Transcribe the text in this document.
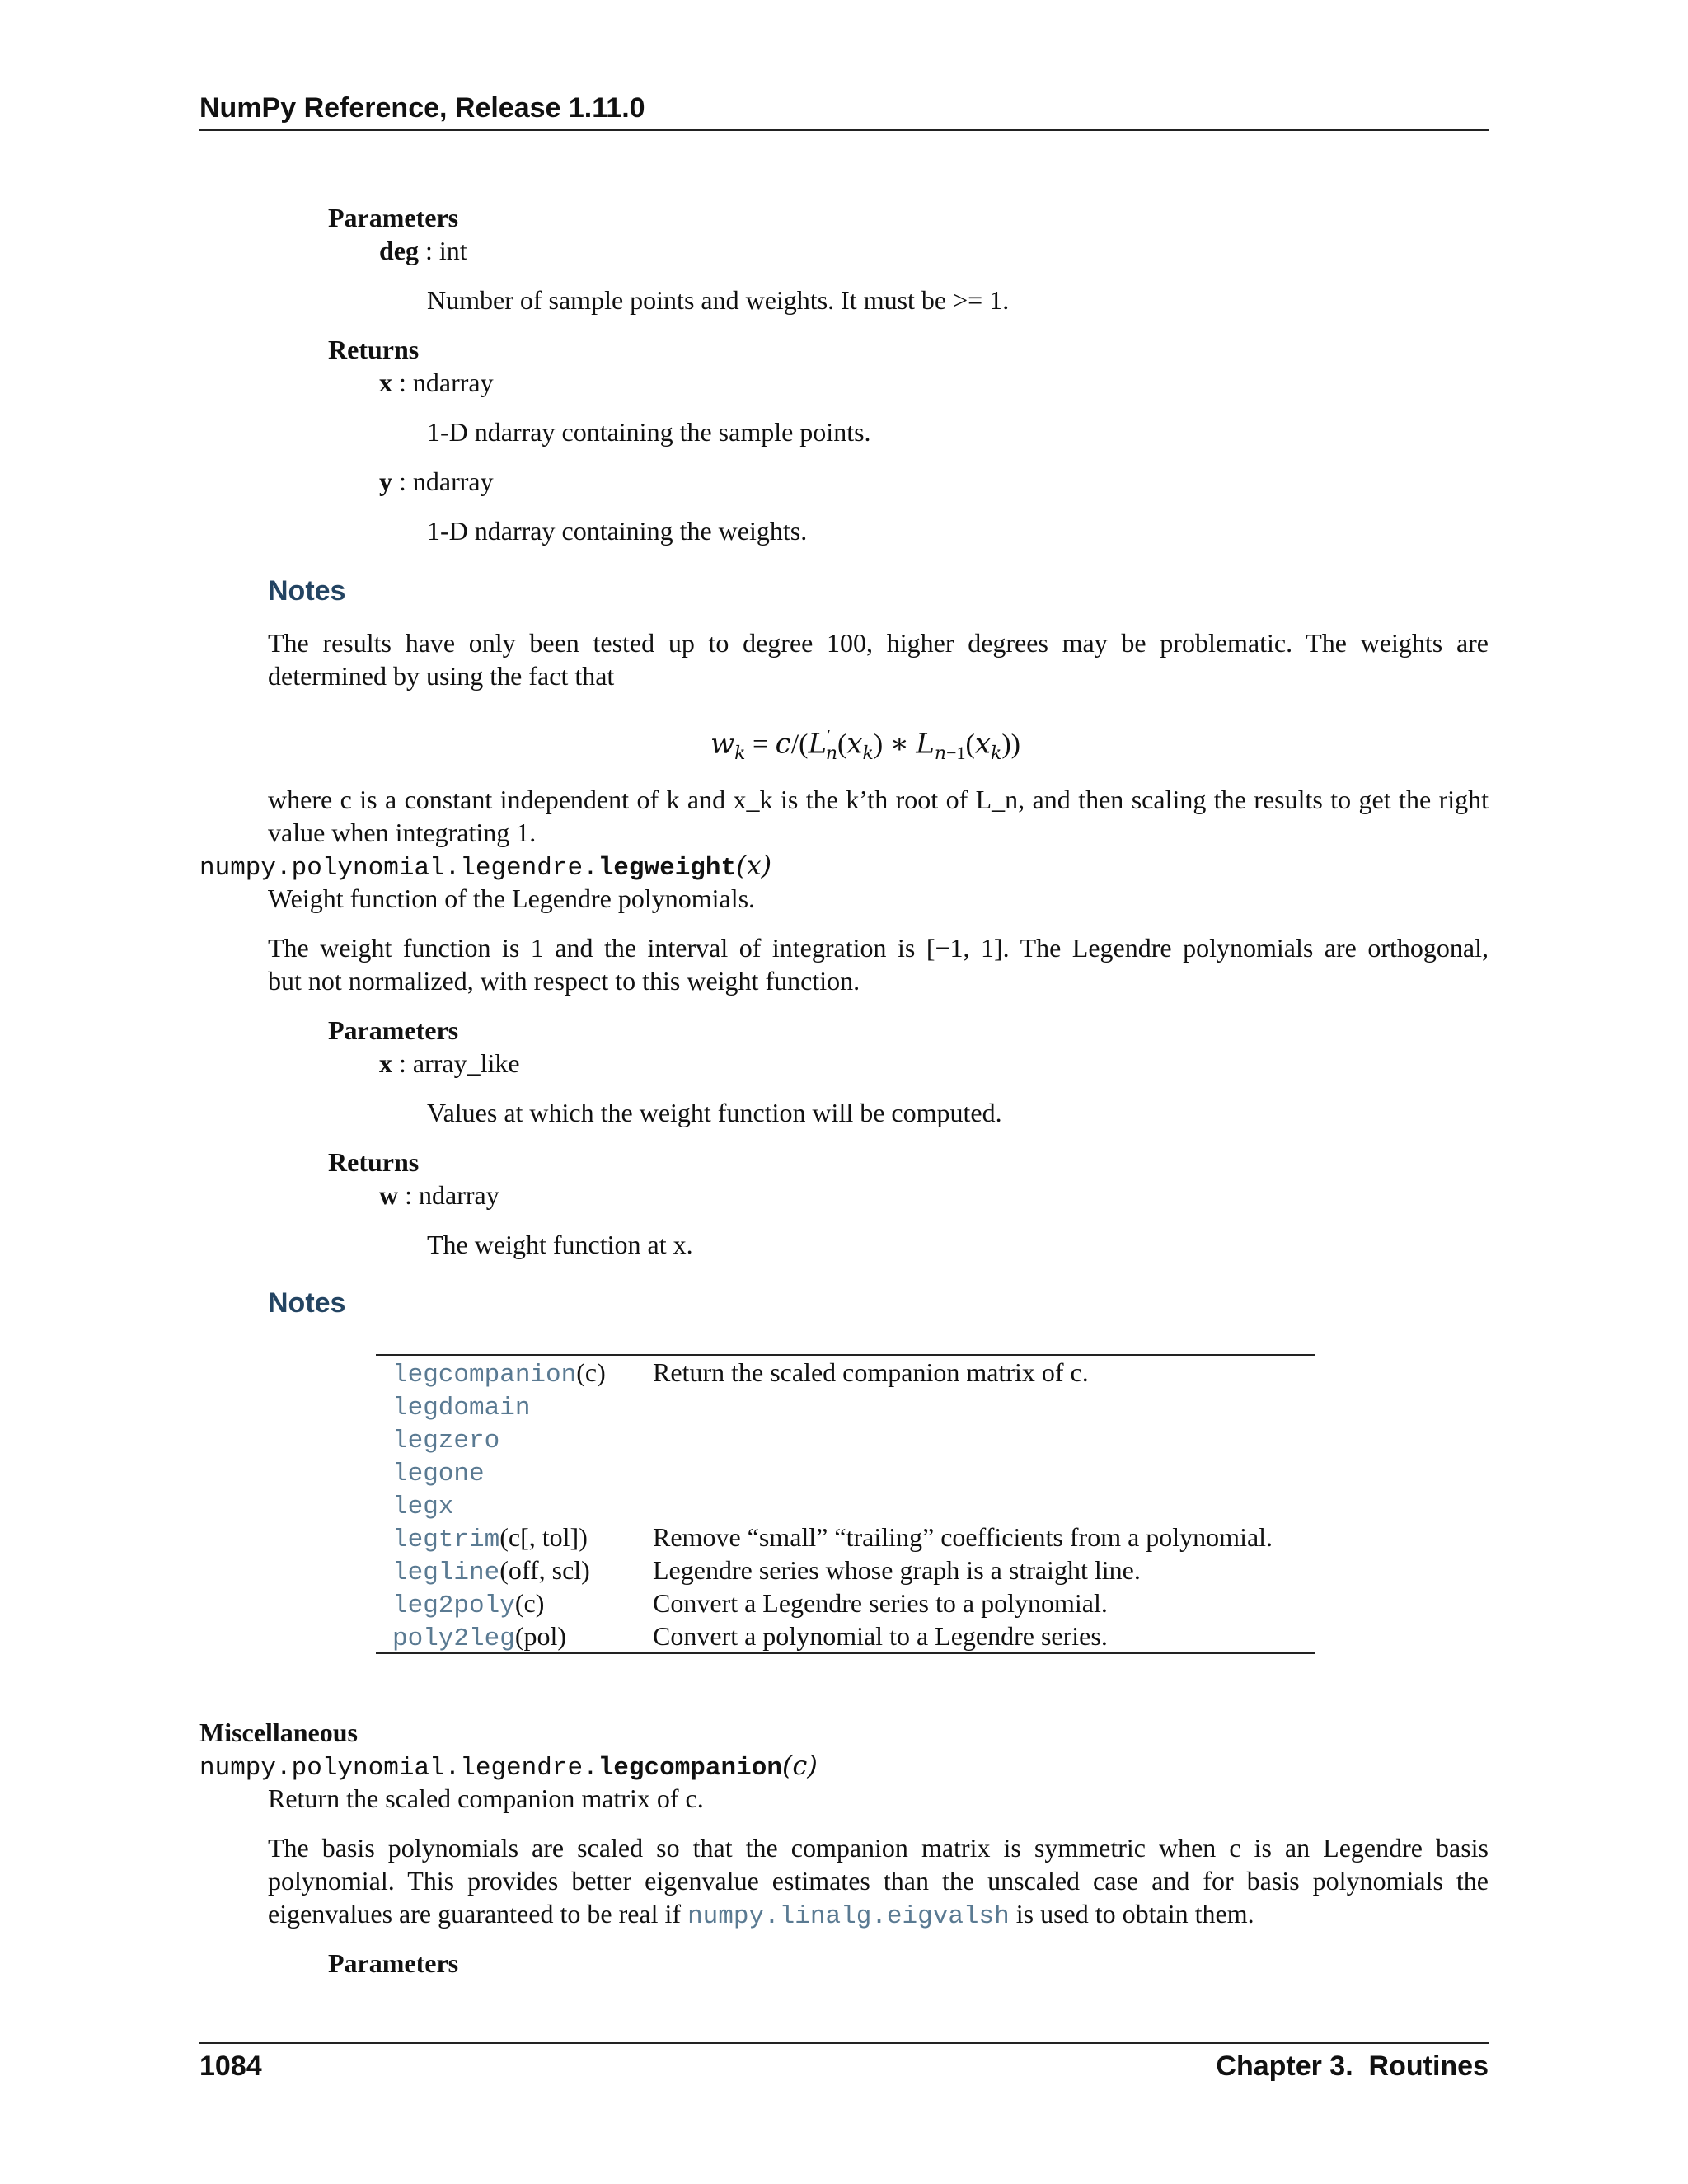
NumPy Reference, Release 1.11.0
Parameters
deg : int
Number of sample points and weights. It must be >= 1.
Returns
x : ndarray
1-D ndarray containing the sample points.
y : ndarray
1-D ndarray containing the weights.
Notes
The results have only been tested up to degree 100, higher degrees may be problematic. The weights are
determined by using the fact that
$w_k = c/(L'_n(x_k)$ ∗ $L_{n-1}(x_k)$)
where c is a constant independent of k and x_k is the k’th root of L_n, and then scaling the results to get the right
value when integrating 1.
numpy.polynomial.legendre.legweight(x)
Weight function of the Legendre polynomials.
The weight function is 1 and the interval of integration is [−1, 1]. The Legendre polynomials are orthogonal,
but not normalized, with respect to this weight function.
Parameters
x : array_like
Values at which the weight function will be computed.
Returns
w : ndarray
The weight function at x.
Notes
legcompanion(c)	Return the scaled companion matrix of c.
legdomain
legzero
legone
legx
legtrim(c[, tol])	Remove “small” “trailing” coefficients from a polynomial.
legline(off, scl)	Legendre series whose graph is a straight line.
leg2poly(c)	Convert a Legendre series to a polynomial.
poly2leg(pol)	Convert a polynomial to a Legendre series.
Miscellaneous
numpy.polynomial.legendre.legcompanion(c)
Return the scaled companion matrix of c.
The basis polynomials are scaled so that the companion matrix is symmetric when c is an Legendre basis
polynomial. This provides better eigenvalue estimates than the unscaled case and for basis polynomials the
eigenvalues are guaranteed to be real if numpy.linalg.eigvalsh is used to obtain them.
Parameters
1084	Chapter 3.  Routines
